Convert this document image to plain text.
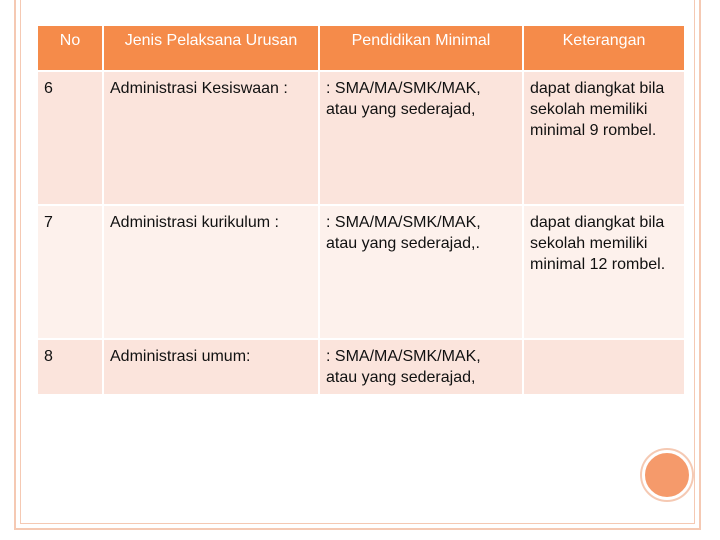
No	Jenis Pelaksana Urusan	Pendidikan Minimal	Keterangan
6	Administrasi Kesiswaan :	: SMA/MA/SMK/MAK, atau yang sederajad,	dapat diangkat bila sekolah memiliki minimal 9 rombel.
7	Administrasi kurikulum :	: SMA/MA/SMK/MAK, atau yang sederajad,.	dapat diangkat bila sekolah memiliki minimal 12 rombel.
8	Administrasi umum:	: SMA/MA/SMK/MAK, atau yang sederajad,	
